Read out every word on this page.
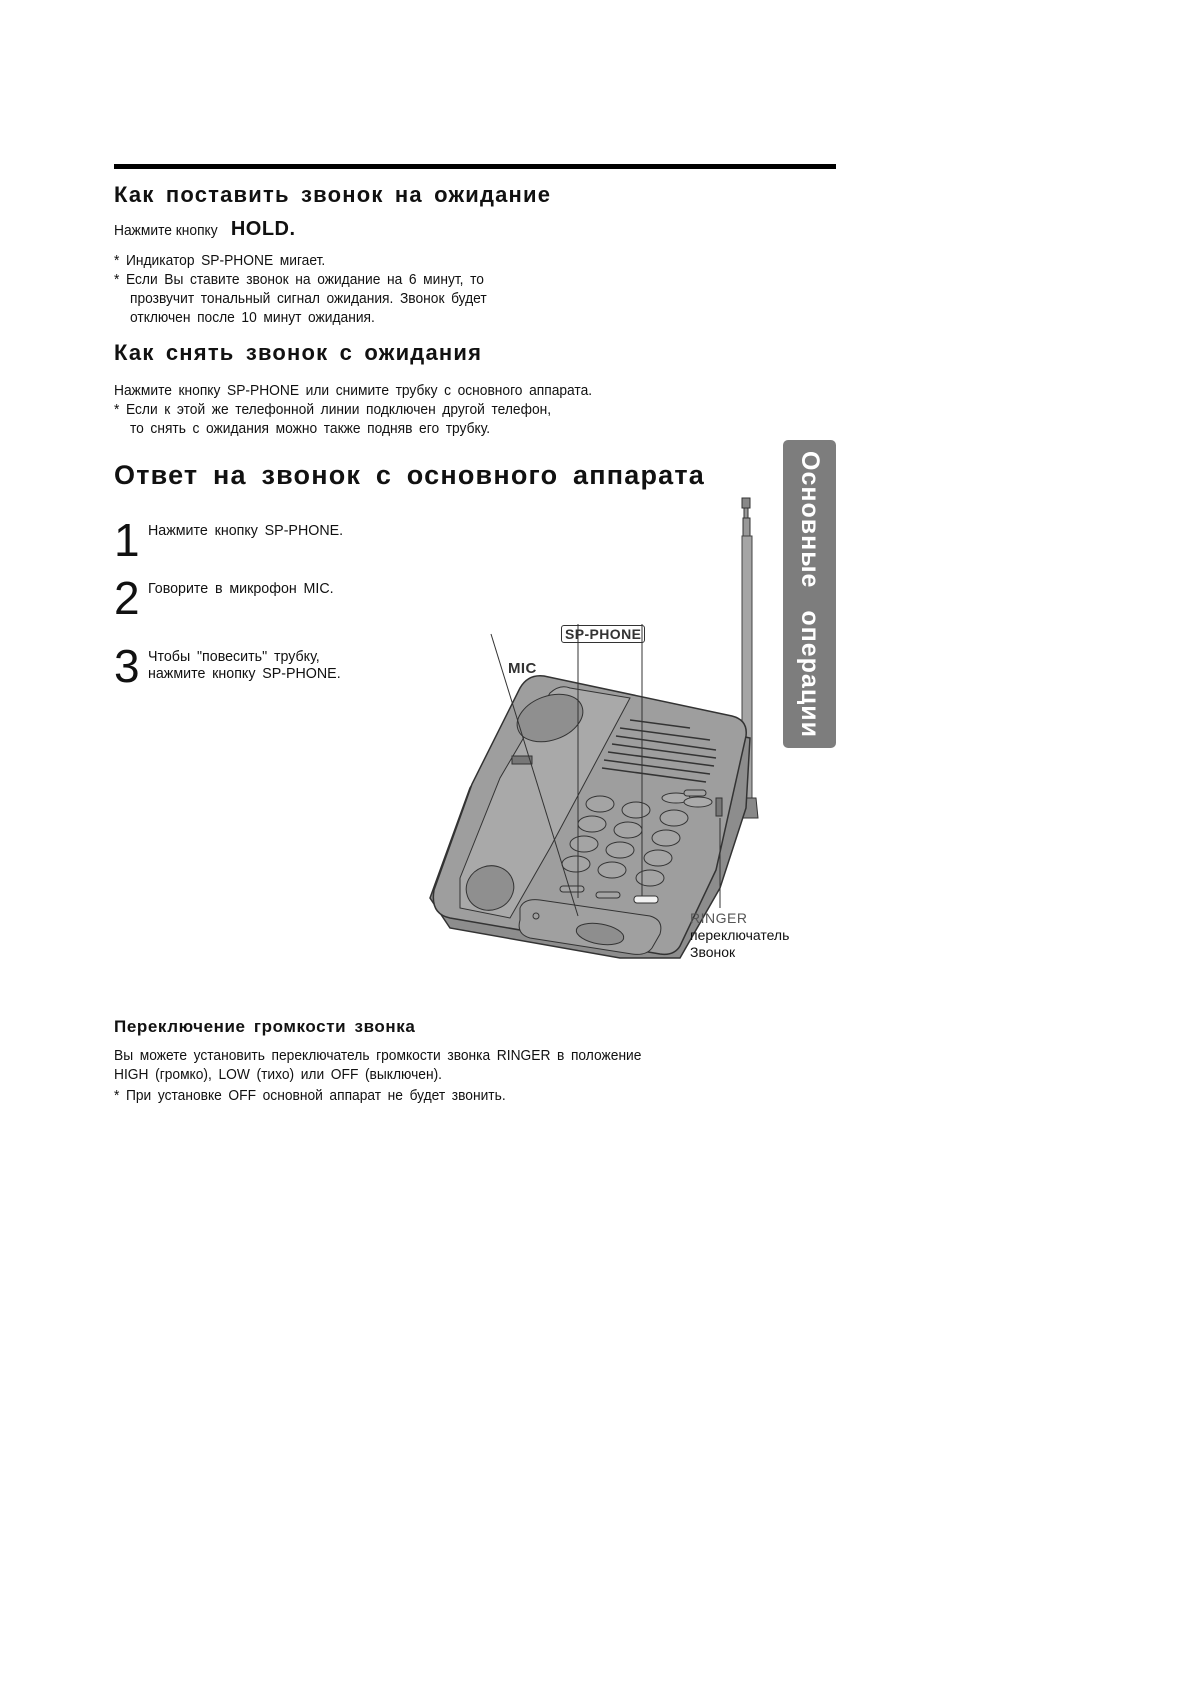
Как поставить звонок на ожидание
Нажмите кнопку HOLD.
* Индикатор SP-PHONE мигает.
* Если Вы ставите звонок на ожидание на 6 минут, то
прозвучит тональный сигнал ожидания. Звонок будет
отключен после 10 минут ожидания.
Как снять звонок с ожидания
Нажмите кнопку SP-PHONE или снимите трубку с основного аппарата.
* Если к этой же телефонной линии подключен другой телефон,
то снять с ожидания можно также подняв его трубку.
Ответ на звонок с основного аппарата
1 Нажмите кнопку SP-PHONE.
2 Говорите в микрофон MIC.
3 Чтобы "повесить" трубку,
нажмите кнопку SP-PHONE.	Основные операции
SP-PHONE
MIC
RINGER
переключатель
Звонок
Переключение громкости звонка
Вы можете установить переключатель громкости звонка RINGER в положение
HIGH (громко), LOW (тихо) или OFF (выключен).
* При установке OFF основной аппарат не будет звонить.
